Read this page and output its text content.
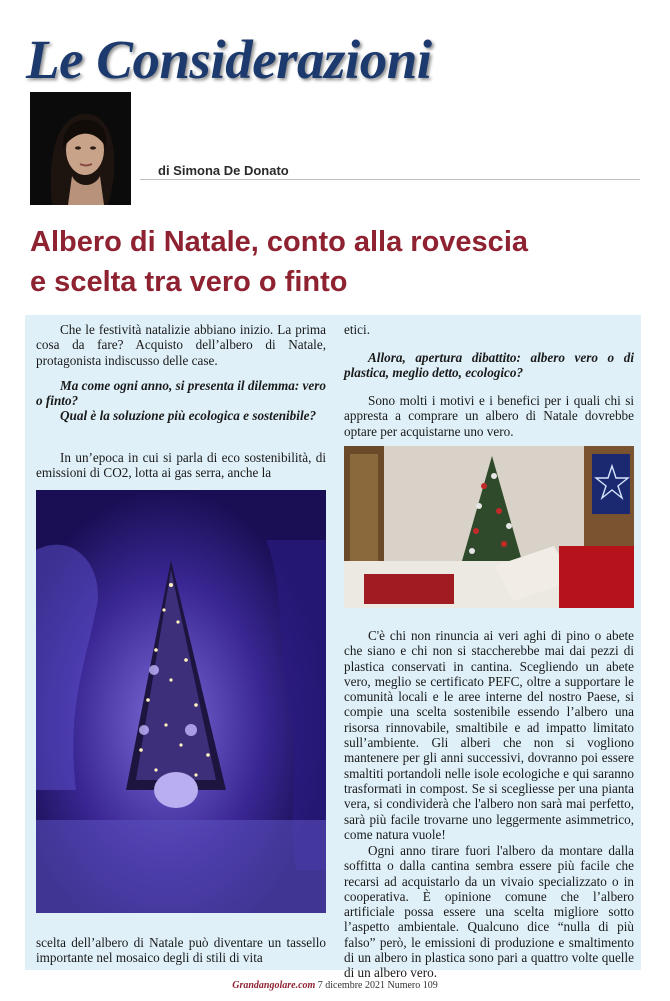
Le Considerazioni
di Simona De Donato
Albero di Natale, conto alla rovescia
e scelta tra vero o finto
Che le festività natalizie abbiano inizio. La prima cosa da fare? Acquisto dell’albero di Natale, protagonista indiscusso delle case.
Ma come ogni anno, si presenta il dilemma: vero o finto?
Qual è la soluzione più ecologica e sostenibile?
In un’epoca in cui si parla di eco sostenibilità, di emissioni di CO2, lotta ai gas serra, anche la
scelta dell’albero di Natale può diventare un tassello importante nel mosaico degli di stili di vita
etici.
Allora, apertura dibattito: albero vero o di plastica, meglio detto, ecologico?
Sono molti i motivi e i benefici per i quali chi si appresta a comprare un albero di Natale dovrebbe optare per acquistarne uno vero.
C'è chi non rinuncia ai veri aghi di pino o abete che siano e chi non si staccherebbe mai dai pezzi di plastica conservati in cantina. Scegliendo un abete vero, meglio se certificato PEFC, oltre a supportare le comunità locali e le aree interne del nostro Paese, si compie una scelta sostenibile essendo l’albero una risorsa rinnovabile, smaltibile e ad impatto limitato sull’ambiente. Gli alberi che non si vogliono mantenere per gli anni successivi, dovranno poi essere smaltiti portandoli nelle isole ecologiche e qui saranno trasformati in compost. Se si scegliesse per una pianta vera, si condividerà che l'albero non sarà mai perfetto, sarà più facile trovarne uno leggermente asimmetrico, come natura vuole!
Ogni anno tirare fuori l'albero da montare dalla soffitta o dalla cantina sembra essere più facile che recarsi ad acquistarlo da un vivaio specializzato o in cooperativa. È opinione comune che l’albero artificiale possa essere una scelta migliore sotto l’aspetto ambientale. Qualcuno dice “nulla di più falso” però, le emissioni di produzione e smaltimento di un albero in plastica sono pari a quattro volte quelle di un albero vero.
Grandangolare.com 7 dicembre 2021 Numero 109
